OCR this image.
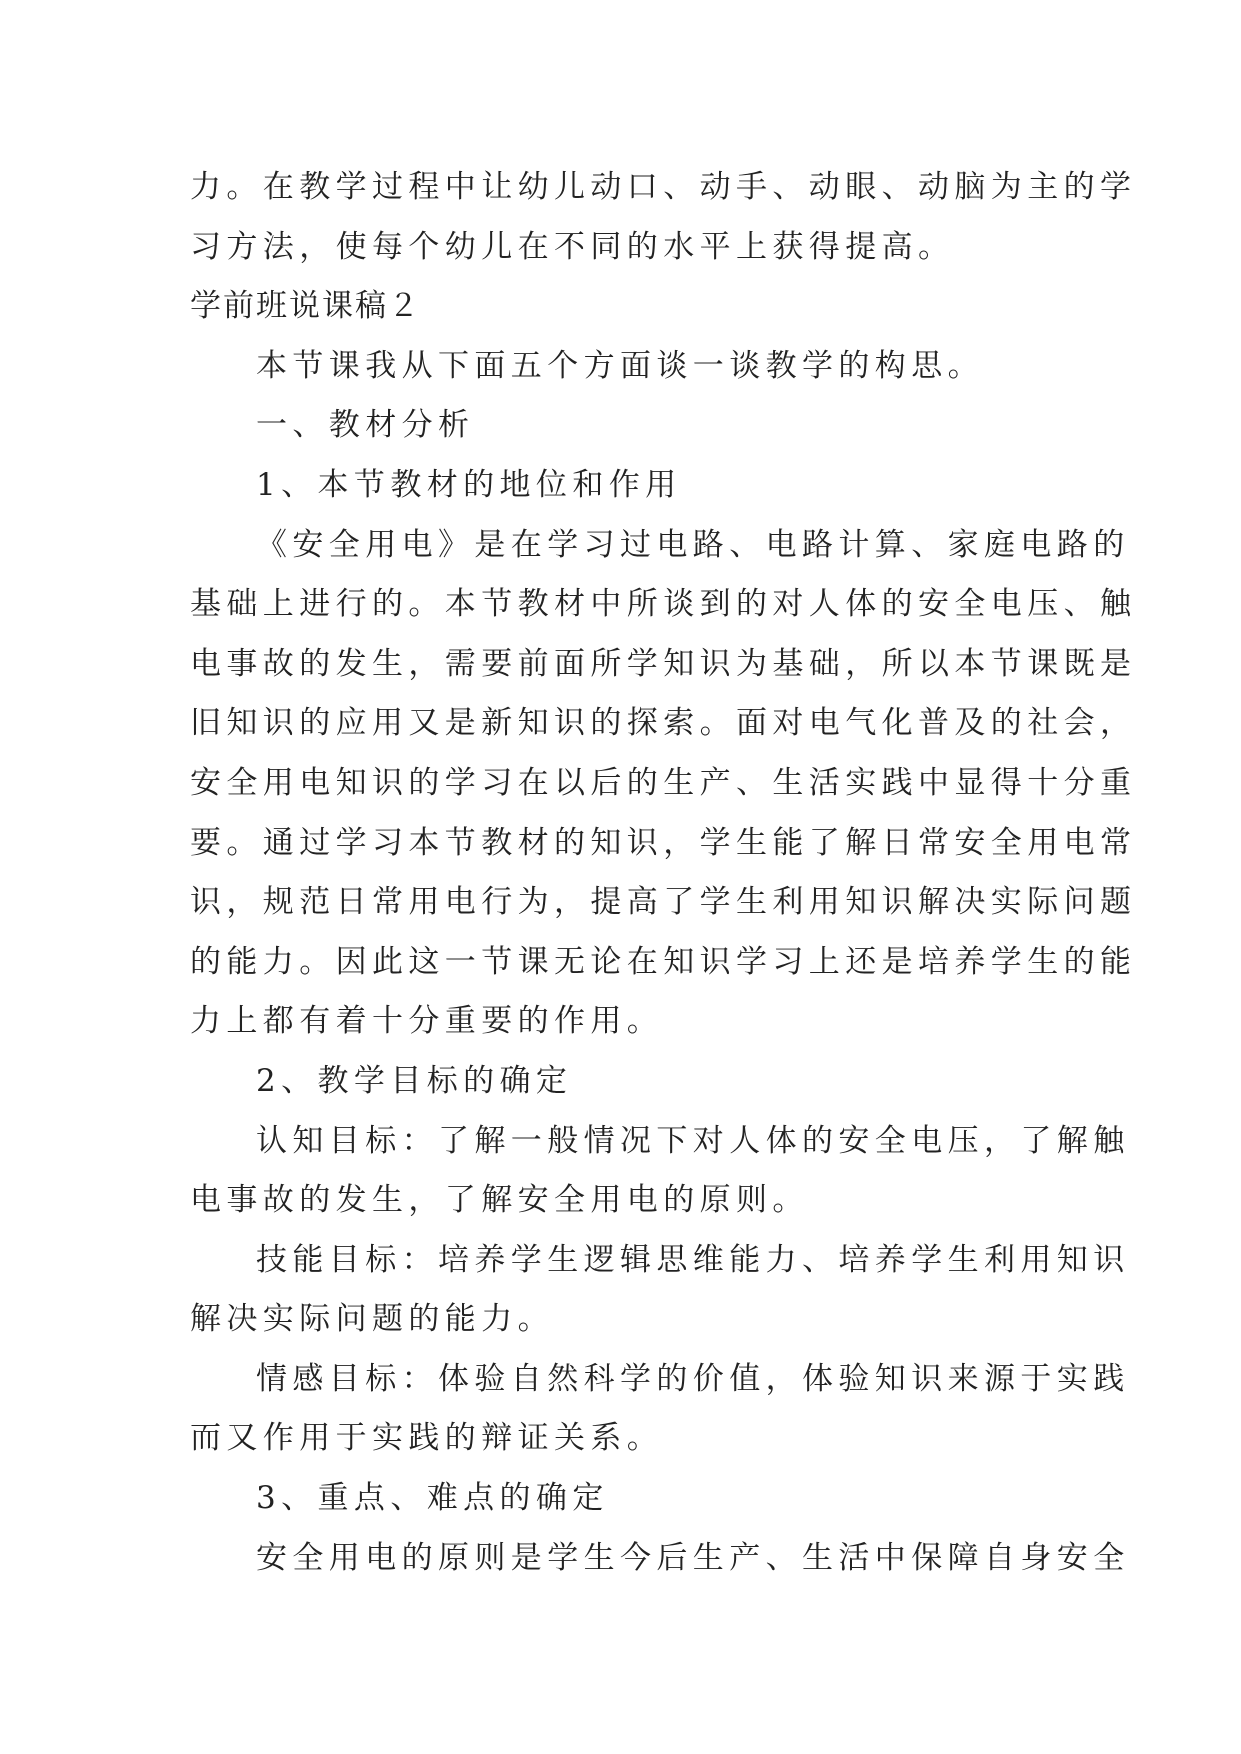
力。在教学过程中让幼儿动口、动手、动眼、动脑为主的学
习方法，使每个幼儿在不同的水平上获得提高。
学前班说课稿２
本节课我从下面五个方面谈一谈教学的构思。
一、教材分析
1、本节教材的地位和作用
《安全用电》是在学习过电路、电路计算、家庭电路的
基础上进行的。本节教材中所谈到的对人体的安全电压、触
电事故的发生，需要前面所学知识为基础，所以本节课既是
旧知识的应用又是新知识的探索。面对电气化普及的社会，
安全用电知识的学习在以后的生产、生活实践中显得十分重
要。通过学习本节教材的知识，学生能了解日常安全用电常
识，规范日常用电行为，提高了学生利用知识解决实际问题
的能力。因此这一节课无论在知识学习上还是培养学生的能
力上都有着十分重要的作用。
2、教学目标的确定
认知目标：了解一般情况下对人体的安全电压，了解触
电事故的发生，了解安全用电的原则。
技能目标：培养学生逻辑思维能力、培养学生利用知识
解决实际问题的能力。
情感目标：体验自然科学的价值，体验知识来源于实践
而又作用于实践的辩证关系。
3、重点、难点的确定
安全用电的原则是学生今后生产、生活中保障自身安全
